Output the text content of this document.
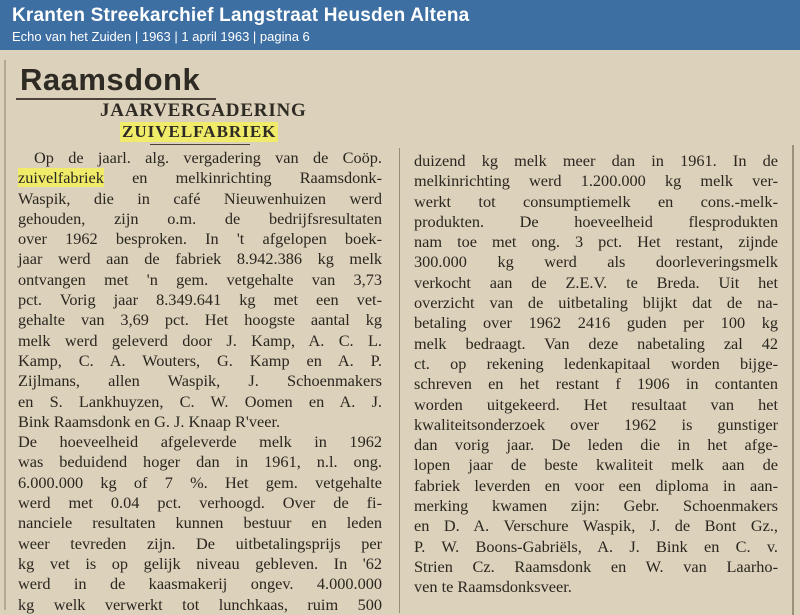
Kranten Streekarchief Langstraat Heusden Altena
Echo van het Zuiden | 1963 | 1 april 1963 | pagina 6
Raamsdonk
JAARVERGADERING
ZUIVELFABRIEK
Op de jaarl. alg. vergadering van de Coöp.
zuivelfabriek en melkinrichting Raamsdonk-
Waspik, die in café Nieuwenhuizen werd
gehouden, zijn o.m. de bedrijfsresultaten
over 1962 besproken. In 't afgelopen boek-
jaar werd aan de fabriek 8.942.386 kg melk
ontvangen met 'n gem. vetgehalte van 3,73
pct. Vorig jaar 8.349.641 kg met een vet-
gehalte van 3,69 pct. Het hoogste aantal kg
melk werd geleverd door J. Kamp, A. C. L.
Kamp, C. A. Wouters, G. Kamp en A. P.
Zijlmans, allen Waspik, J. Schoenmakers
en S. Lankhuyzen, C. W. Oomen en A. J.
Bink Raamsdonk en G. J. Knaap R'veer.
De hoeveelheid afgeleverde melk in 1962
was beduidend hoger dan in 1961, n.l. ong.
6.000.000 kg of 7 %. Het gem. vetgehalte
werd met 0.04 pct. verhoogd. Over de fi-
nanciele resultaten kunnen bestuur en leden
weer tevreden zijn. De uitbetalingsprijs per
kg vet is op gelijk niveau gebleven. In '62
werd in de kaasmakerij ongev. 4.000.000
kg welk verwerkt tot lunchkaas, ruim 500
duizend kg melk meer dan in 1961. In de
melkinrichting werd 1.200.000 kg melk ver-
werkt tot consumptiemelk en cons.-melk-
produkten. De hoeveelheid flesprodukten
nam toe met ong. 3 pct. Het restant, zijnde
300.000 kg werd als doorleveringsmelk
verkocht aan de Z.E.V. te Breda. Uit het
overzicht van de uitbetaling blijkt dat de na-
betaling over 1962 2416 guden per 100 kg
melk bedraagt. Van deze nabetaling zal 42
ct. op rekening ledenkapitaal worden bijge-
schreven en het restant f 1906 in contanten
worden uitgekeerd. Het resultaat van het
kwaliteitsonderzoek over 1962 is gunstiger
dan vorig jaar. De leden die in het afge-
lopen jaar de beste kwaliteit melk aan de
fabriek leverden en voor een diploma in aan-
merking kwamen zijn: Gebr. Schoenmakers
en D. A. Verschure Waspik, J. de Bont Gz.,
P. W. Boons-Gabriëls, A. J. Bink en C. v.
Strien Cz. Raamsdonk en W. van Laarho-
ven te Raamsdonksveer.
